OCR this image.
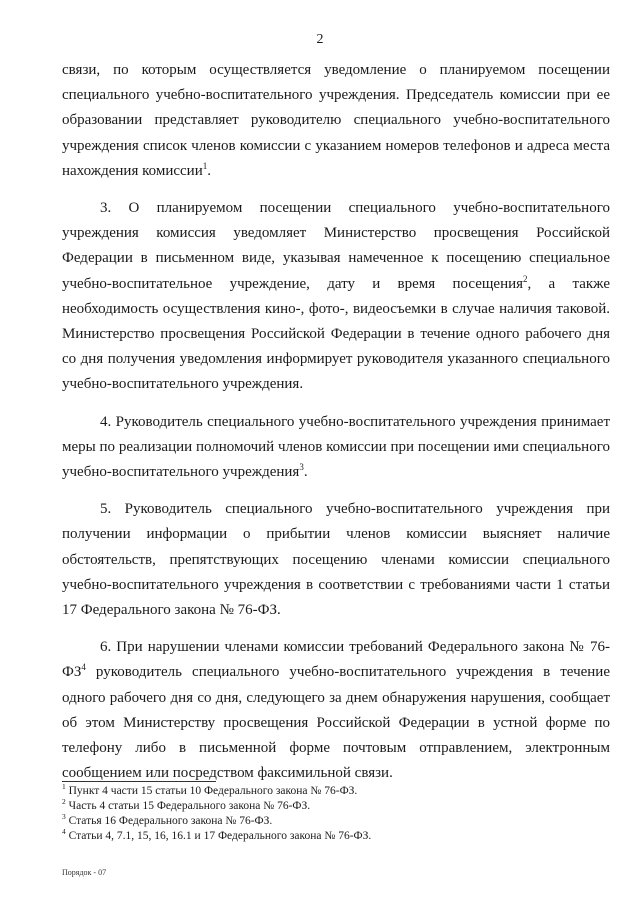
2

связи, по которым осуществляется уведомление о планируемом посещении специального учебно-воспитательного учреждения. Председатель комиссии при ее образовании представляет руководителю специального учебно-воспитательного учреждения список членов комиссии с указанием номеров телефонов и адреса места нахождения комиссии$^1$.

3. О планируемом посещении специального учебно-воспитательного учреждения комиссия уведомляет Министерство просвещения Российской Федерации в письменном виде, указывая намеченное к посещению специальное учебно-воспитательное учреждение, дату и время посещения$^2$, а также необходимость осуществления кино-, фото-, видеосъемки в случае наличия таковой. Министерство просвещения Российской Федерации в течение одного рабочего дня со дня получения уведомления информирует руководителя указанного специального учебно-воспитательного учреждения.

4. Руководитель специального учебно-воспитательного учреждения принимает меры по реализации полномочий членов комиссии при посещении ими специального учебно-воспитательного учреждения$^3$.

5. Руководитель специального учебно-воспитательного учреждения при получении информации о прибытии членов комиссии выясняет наличие обстоятельств, препятствующих посещению членами комиссии специального учебно-воспитательного учреждения в соответствии с требованиями части 1 статьи 17 Федерального закона № 76-ФЗ.

6. При нарушении членами комиссии требований Федерального закона № $76-ФЗ^4$ руководитель специального учебно-воспитательного учреждения в течение одного рабочего дня со дня, следующего за днем обнаружения нарушения, сообщает об этом Министерству просвещения Российской Федерации в устной форме по телефону либо в письменной форме почтовым отправлением, электронным сообщением или посредством факсимильной связи.

$^1$ Пункт 4 части 15 статьи 10 Федерального закона № 76-ФЗ.
$^2$ Часть 4 статьи 15 Федерального закона № 76-ФЗ.
$^3$ Статья 16 Федерального закона № 76-ФЗ.
$^4$ Статьи 4, 7.1, 15, 16, 16.1 и 17 Федерального закона № 76-ФЗ.
Порядок - 07
